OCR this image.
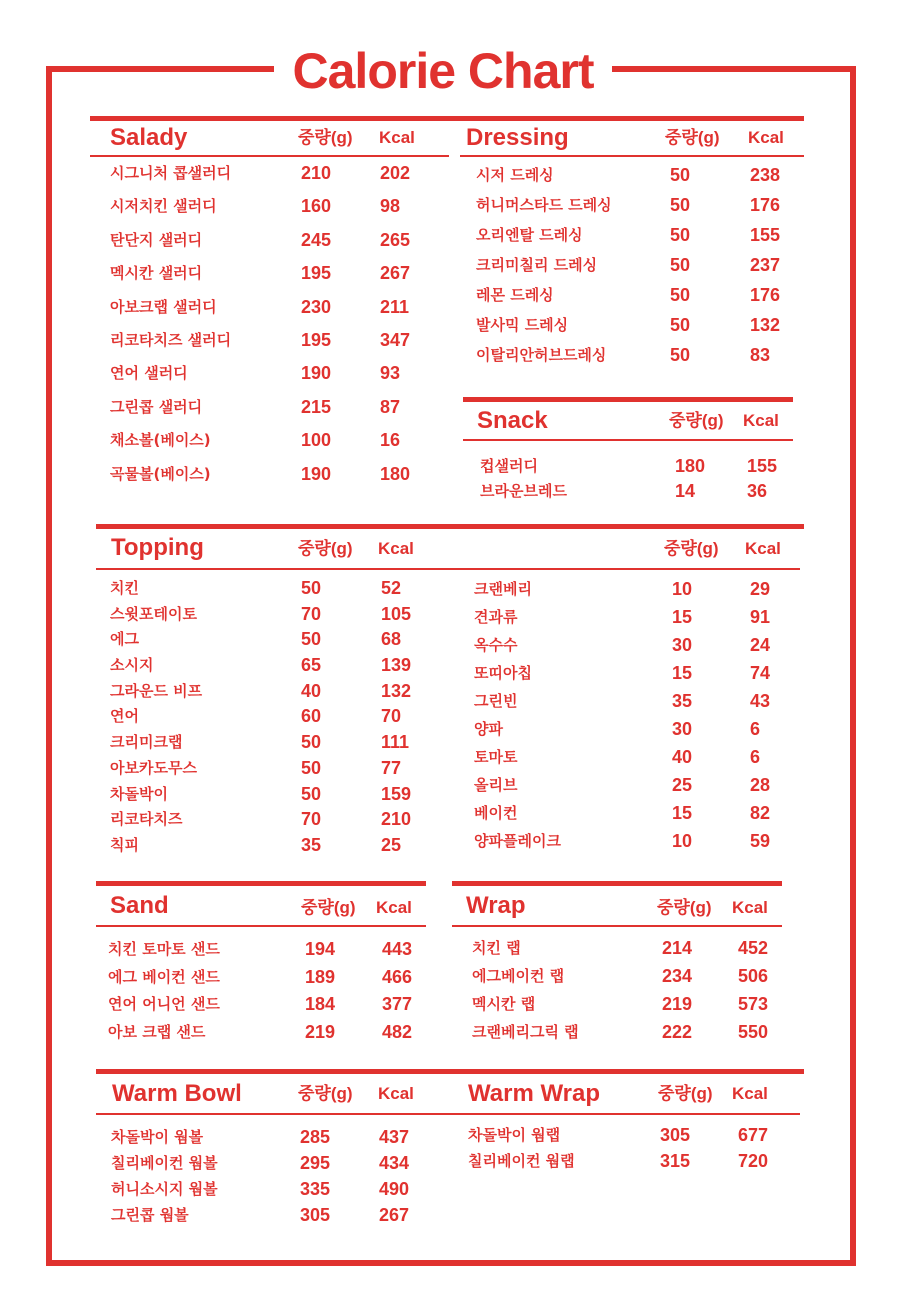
Calorie Chart
Salady	중량(g) Kcal
시그니처 콥샐러디	210	202
시저치킨 샐러디	160	98
탄단지 샐러디	245	265
멕시칸 샐러디	195	267
아보크랩 샐러디	230	211
리코타치즈 샐러디	195	347
연어 샐러디	190	93
그린콥 샐러디	215	87
채소볼(베이스)	100	16
곡물볼(베이스)	190	180
Dressing	중량(g) Kcal
시저 드레싱	50	238
허니머스타드 드레싱	50	176
오리엔탈 드레싱	50	155
크리미칠리 드레싱	50	237
레몬 드레싱	50	176
발사믹 드레싱	50	132
이탈리안허브드레싱	50	83
Snack	중량(g) Kcal
컵샐러디	180 155
브라운브레드	14	36
Topping	중량(g) Kcal	중량(g) Kcal
치킨	50	52
스윗포테이토	70	105
에그	50	68
소시지	65	139
그라운드 비프	40	132
연어	60	70
크리미크랩	50	111
아보카도무스	50	77
차돌박이	50	159
리코타치즈	70	210
칙피	35	25
크랜베리	10	29
견과류	15	91
옥수수	30	24
또띠아칩	15	74
그린빈	35	43
양파	30	6
토마토	40	6
올리브	25	28
베이컨	15	82
양파플레이크	10	59
Sand	중량(g) Kcal
치킨 토마토 샌드	194	443
에그 베이컨 샌드	189	466
연어 어니언 샌드	184	377
아보 크랩 샌드	219	482
Wrap	중량(g) Kcal
치킨 랩	214	452
에그베이컨 랩	234	506
멕시칸 랩	219	573
크랜베리그릭 랩	222	550
Warm Bowl	중량(g) Kcal
차돌박이 웜볼	285	437
칠리베이컨 웜볼	295	434
허니소시지 웜볼	335	490
그린콥 웜볼	305	267
Warm Wrap	중량(g) Kcal
차돌박이 웜랩	305	677
칠리베이컨 웜랩	315	720
